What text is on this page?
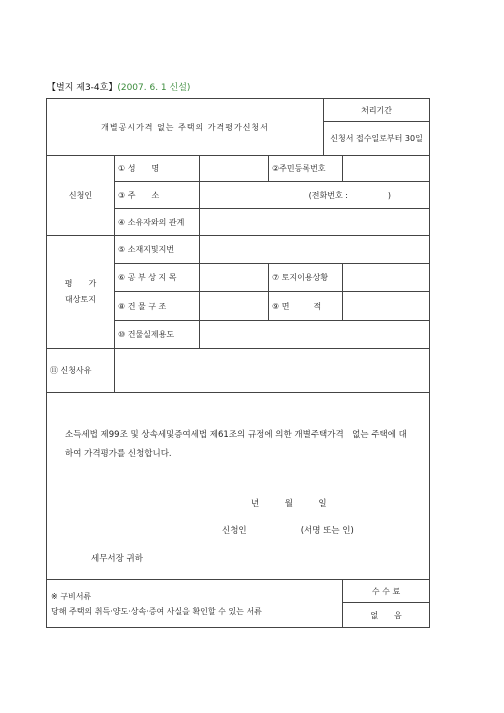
【별지 제3-4호】(2007. 6. 1 신설)
개별공시가격 없는 주택의 가격평가신청서				처리기간	
				신청서 접수일로부터 30일	
신청인	① 성　　명		②주민등록번호		
	③ 주　　소	(전화번호 :　　　　　)			
	④ 소유자와의 관계				

평　　가
대상토지	⑤ 소재지및지번				
	⑥ 공 부 상 지 목		⑦ 토지이용상황		
	⑧ 건 물 구 조		⑨ 면　　　적		
	⑩ 건물실제용도				
⑪ 신청사유					

소득세법 제99조 및 상속세및증여세법 제61조의 규정에 의한 개별주택가격　없는 주택에 대하여 가격평가를 신청합니다.
년　　　월　　　일
신청인 (서명 또는 인)
세무서장 귀하					

※ 구비서류
당해 주택의 취득·양도·상속·증여 사실을 확인할 수 있는 서류					수 수 료
					없　　음
